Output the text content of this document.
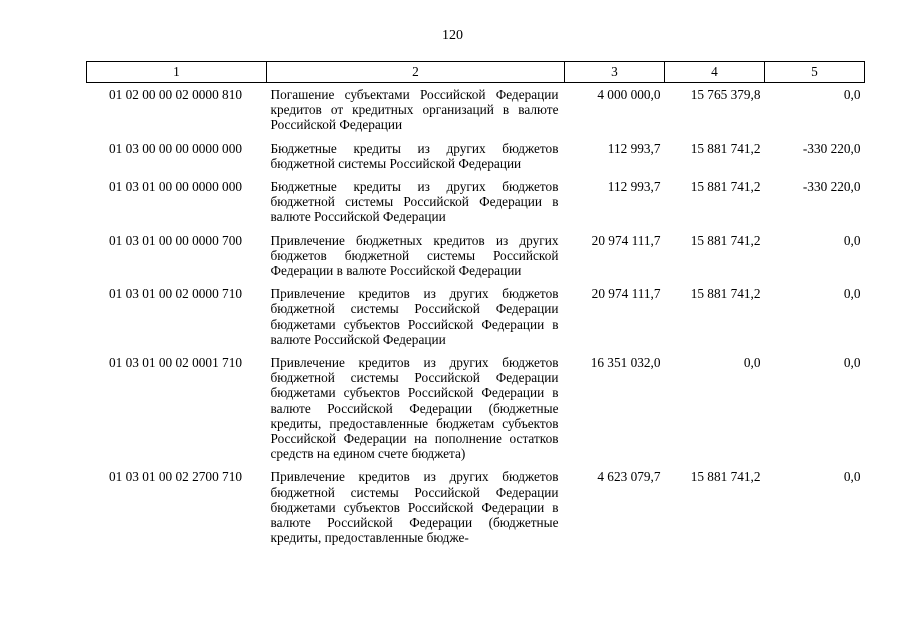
120
1	2	3	4	5
01 02 00 00 02 0000 810	Погашение субъектами Российской Федерации кредитов от кредитных организаций в валюте Российской Федерации	4 000 000,0	15 765 379,8	0,0
01 03 00 00 00 0000 000	Бюджетные кредиты из других бюджетов бюджетной системы Российской Федерации	112 993,7	15 881 741,2	-330 220,0
01 03 01 00 00 0000 000	Бюджетные кредиты из других бюджетов бюджетной системы Российской Федерации в валюте Российской Федерации	112 993,7	15 881 741,2	-330 220,0
01 03 01 00 00 0000 700	Привлечение бюджетных кредитов из других бюджетов бюджетной системы Российской Федерации в валюте Российской Федерации	20 974 111,7	15 881 741,2	0,0
01 03 01 00 02 0000 710	Привлечение кредитов из других бюджетов бюджетной системы Российской Федерации бюджетами субъектов Российской Федерации в валюте Российской Федерации	20 974 111,7	15 881 741,2	0,0
01 03 01 00 02 0001 710	Привлечение кредитов из других бюджетов бюджетной системы Российской Федерации бюджетами субъектов Российской Федерации в валюте Российской Федерации (бюджетные кредиты, предоставленные бюджетам субъектов Российской Федерации на пополнение остатков средств на едином счете бюджета)	16 351 032,0	0,0	0,0
01 03 01 00 02 2700 710	Привлечение кредитов из других бюджетов бюджетной системы Российской Федерации бюджетами субъектов Российской Федерации в валюте Российской Федерации (бюджетные кредиты, предоставленные бюдже-	4 623 079,7	15 881 741,2	0,0
